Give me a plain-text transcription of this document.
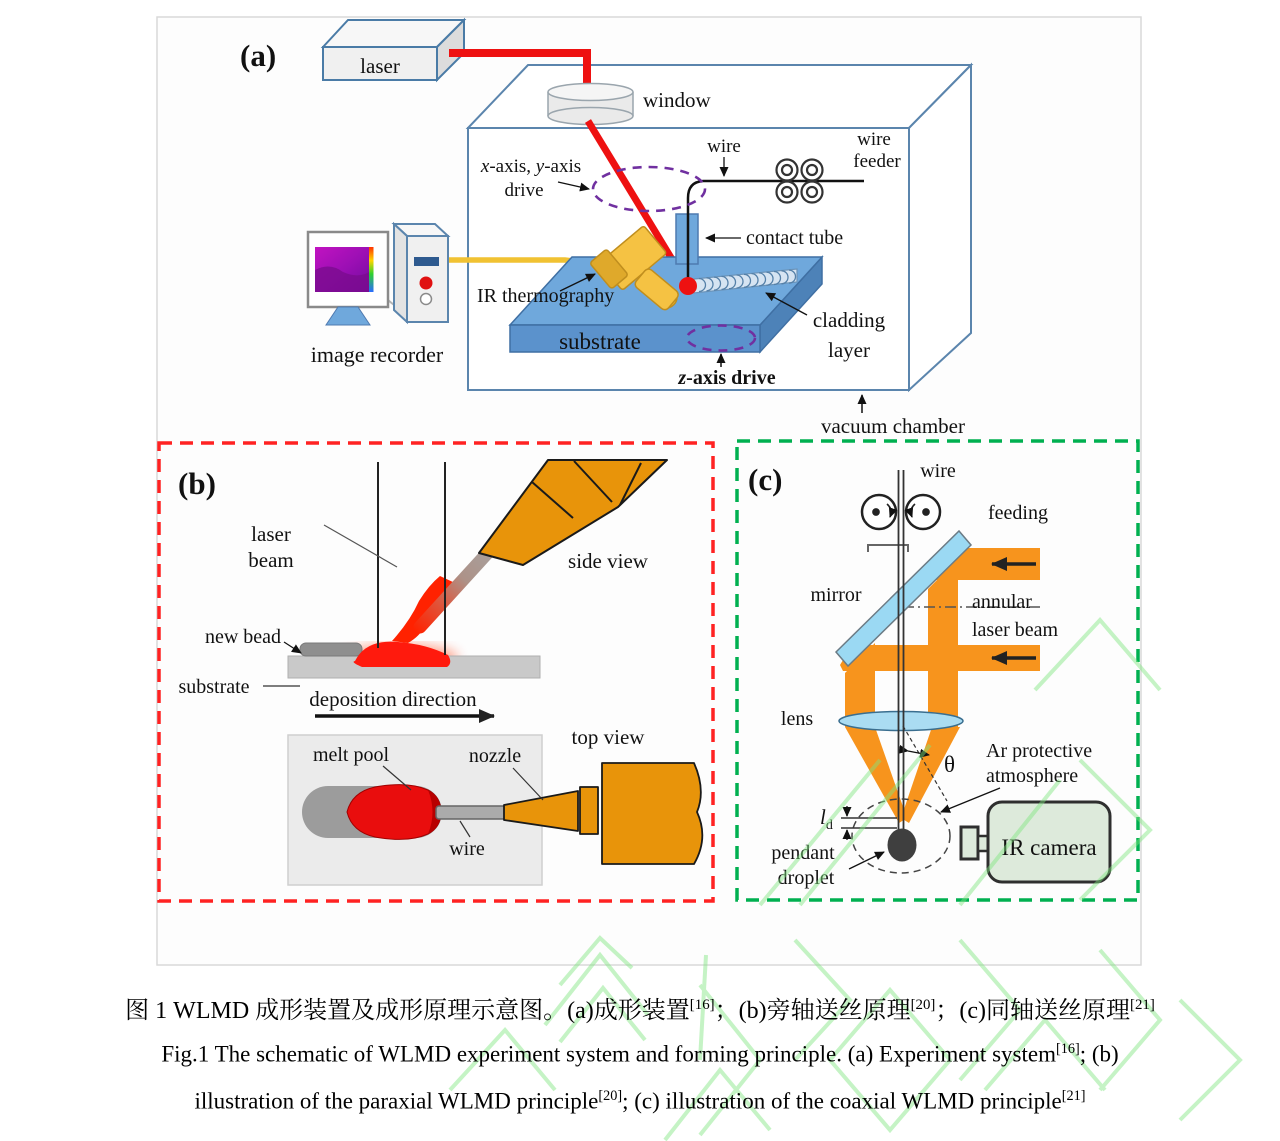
(a)	laser
window
image recorder
substrate
x-axis, y-axis
drive
wire	wire
feeder
contact tube
IR thermography
cladding
layer
z-axis drive
vacuum chamber
(b)
laser
beam	side view
new bead
substrate	deposition direction
top view
melt pool	nozzle
wire
(c)
θ
$l_d$
IR camera
wire
feeding
mirror	annular
laser beam
lens
Ar protective
atmosphere
pendant
droplet
图 1 WLMD 成形装置及成形原理示意图。(a)成形装置[16]；(b)旁轴送丝原理[20]；(c)同轴送丝原理[21]
Fig.1 The schematic of WLMD experiment system and forming principle. (a) Experiment system[16]; (b)
illustration of the paraxial WLMD principle[20]; (c) illustration of the coaxial WLMD principle[21]
